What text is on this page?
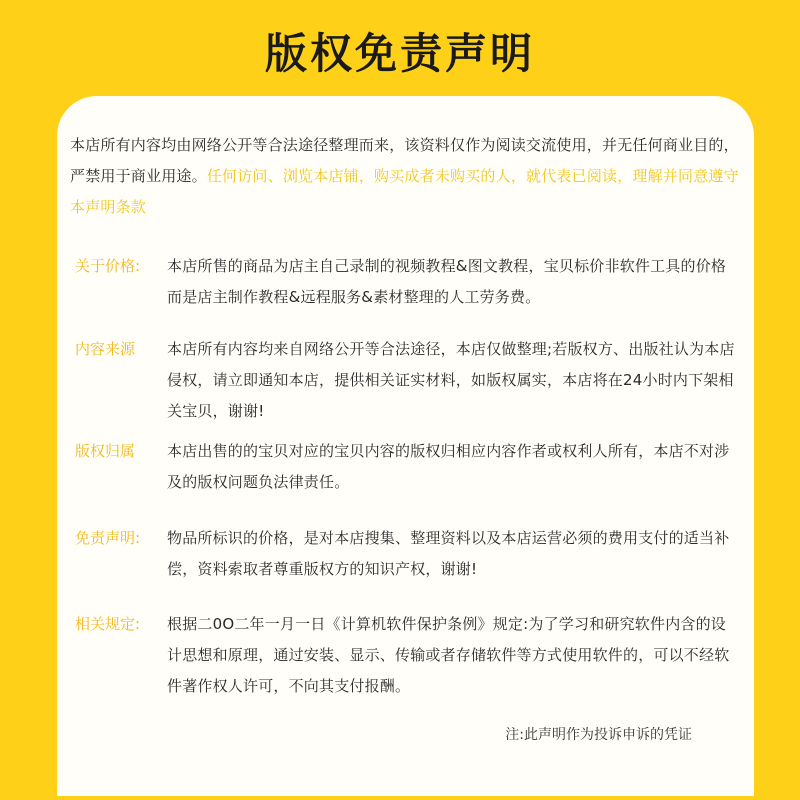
版权免责声明
本店所有内容均由网络公开等合法途径整理而来，该资料仅作为阅读交流使用，并无任何商业目的，严禁用于商业用途。任何访问、浏览本店铺，购买成者未购买的人，就代表已阅读，理解并同意遵守本声明条款
关于价格:	本店所售的商品为店主自己录制的视频教程&图文教程，宝贝标价非软件工具的价格而是店主制作教程&远程服务&素材整理的人工劳务费。
内容来源	本店所有内容均来自网络公开等合法途径，本店仅做整理;若版权方、出版社认为本店侵权，请立即通知本店，提供相关证实材料，如版权属实，本店将在24小时内下架相关宝贝，谢谢!
版权归属	本店出售的的宝贝对应的宝贝内容的版权归相应内容作者或权利人所有，本店不对涉及的版权问题负法律责任。
免责声明:	物品所标识的价格，是对本店搜集、整理资料以及本店运营必须的费用支付的适当补偿，资料索取者尊重版权方的知识产权，谢谢!
相关规定:	根据二0O二年一月一日《计算机软件保护条例》规定:为了学习和研究软件内含的设计思想和原理，通过安装、显示、传输或者存储软件等方式使用软件的，可以不经软件著作权人许可，不向其支付报酬。
注:此声明作为投诉申诉的凭证
